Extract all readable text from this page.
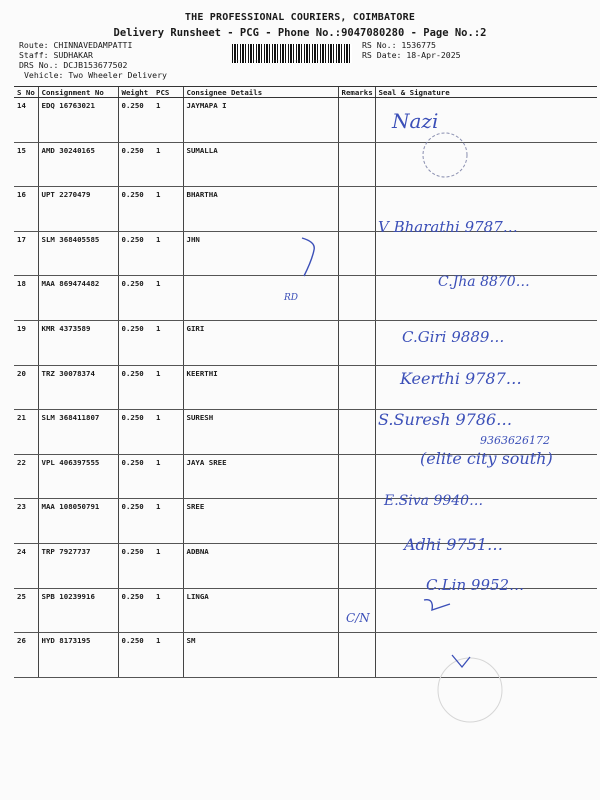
THE PROFESSIONAL COURIERS, COIMBATORE
Delivery Runsheet - PCG - Phone No.:9047080280 - Page No.:2
Route: CHINNAVEDAMPATTI
Staff: SUDHAKAR
DRS No.: DCJB153677502
Vehicle: Two Wheeler Delivery
RS No.: 1536775
RS Date: 18-Apr-2025
S No	Consignment No	Weight	PCS	Consignee Details	Remarks	Seal & Signature
14	EDQ 16763021	0.250	1	JAYMAPA I		
15	AMD 30240165	0.250	1	SUMALLA		
16	UPT 2270479	0.250	1	BHARTHA		
17	SLM 368405585	0.250	1	JHN		
18	MAA 869474482	0.250	1			
19	KMR 4373589	0.250	1	GIRI		
20	TRZ 30078374	0.250	1	KEERTHI		
21	SLM 368411807	0.250	1	SURESH		
22	VPL 406397555	0.250	1	JAYA SREE		
23	MAA 108050791	0.250	1	SREE		
24	TRP 7927737	0.250	1	ADBNA		
25	SPB 10239916	0.250	1	LINGA		
26	HYD 8173195	0.250	1	SM		
Nazi
V Bharathi 9787…
C.Jha 8870…
C.Giri 9889…
Keerthi 9787…
S.Suresh 9786…
9363626172
(elite city south)
E.Siva 9940…
Adhi 9751…
C.Lin 9952…
C/N
RD
